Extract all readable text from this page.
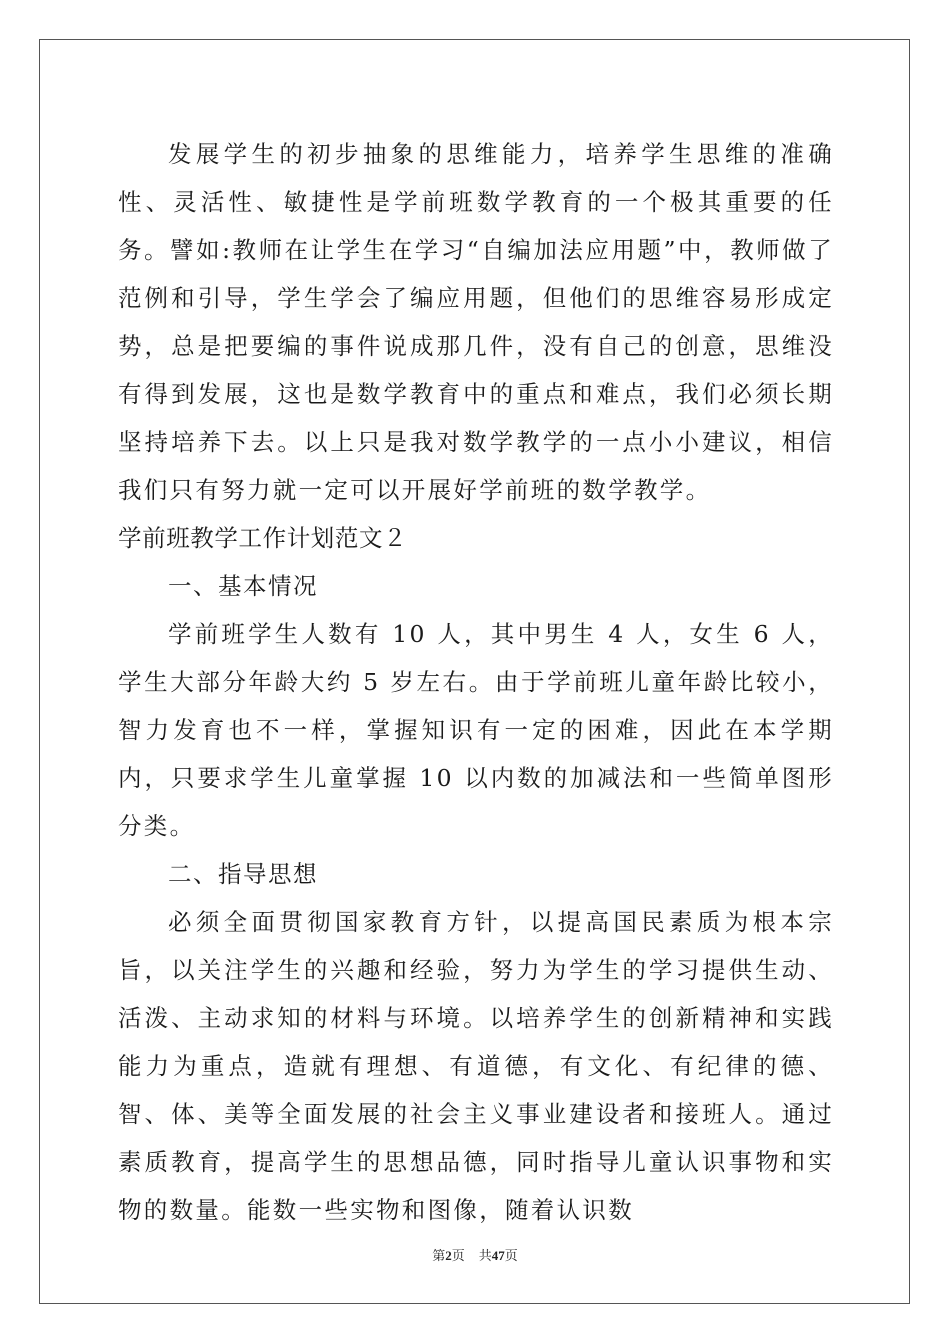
发展学生的初步抽象的思维能力，培养学生思维的准确性、灵活性、敏捷性是学前班数学教育的一个极其重要的任务。譬如:教师在让学生在学习“自编加法应用题”中，教师做了范例和引导，学生学会了编应用题，但他们的思维容易形成定势，总是把要编的事件说成那几件，没有自己的创意，思维没有得到发展，这也是数学教育中的重点和难点，我们必须长期坚持培养下去。以上只是我对数学教学的一点小小建议，相信我们只有努力就一定可以开展好学前班的数学教学。

学前班教学工作计划范文２

一、基本情况

学前班学生人数有 10 人，其中男生 4 人，女生 6 人，学生大部分年龄大约 5 岁左右。由于学前班儿童年龄比较小，智力发育也不一样，掌握知识有一定的困难，因此在本学期内，只要求学生儿童掌握 10 以内数的加减法和一些简单图形分类。

二、指导思想

必须全面贯彻国家教育方针，以提高国民素质为根本宗旨，以关注学生的兴趣和经验，努力为学生的学习提供生动、活泼、主动求知的材料与环境。以培养学生的创新精神和实践能力为重点，造就有理想、有道德，有文化、有纪律的德、智、体、美等全面发展的社会主义事业建设者和接班人。通过素质教育，提高学生的思想品德，同时指导儿童认识事物和实物的数量。能数一些实物和图像，随着认识数

第2页 共47页
